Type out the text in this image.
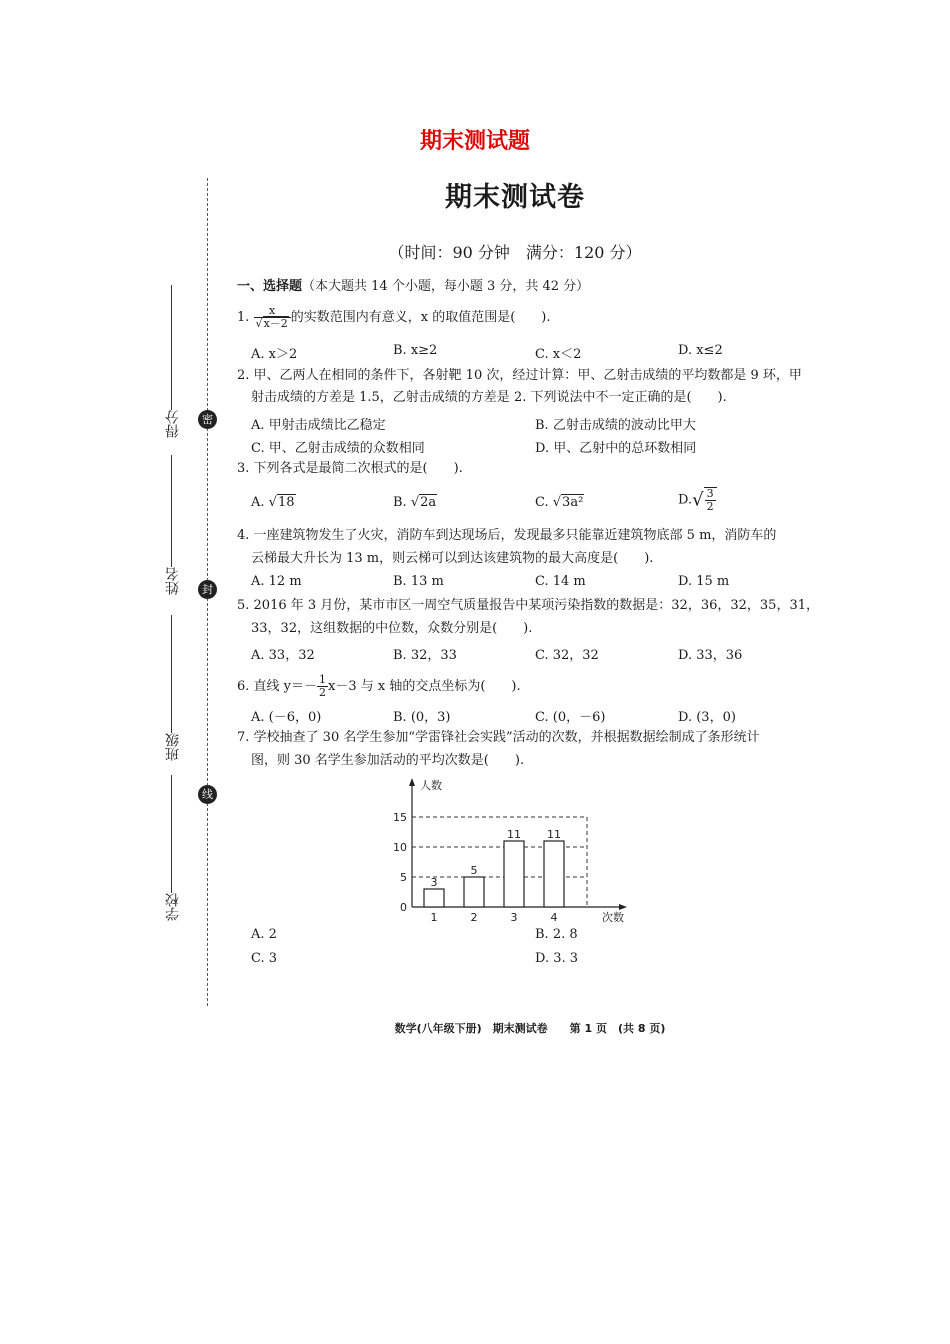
期末测试题
期末测试卷
（时间：90 分钟　满分：120 分）
密
封
线
得分
姓名
班级
学校
一、选择题（本大题共 14 个小题，每小题 3 分，共 42 分）
1. $\frac{x}{√x-2}$ 的实数范围内有意义，x 的取值范围是(　　).
A. x＞2	B. x≥2	C. x＜2	D. x≤2
2. 甲、乙两人在相同的条件下，各射靶 10 次，经过计算：甲、乙射击成绩的平均数都是 9 环，甲
射击成绩的方差是 1.5，乙射击成绩的方差是 2. 下列说法中不一定正确的是(　　).
A. 甲射击成绩比乙稳定	B. 乙射击成绩的波动比甲大
C. 甲、乙射击成绩的众数相同	D. 甲、乙射中的总环数相同
3. 下列各式是最简二次根式的是(　　).
A. √18	B. √2a	C. √3a²	$D.√ \frac{3}{2}$
4. 一座建筑物发生了火灾，消防车到达现场后，发现最多只能靠近建筑物底部 5 m，消防车的
云梯最大升长为 13 m，则云梯可以到达该建筑物的最大高度是(　　).
A. 12 m	B. 13 m	C. 14 m	D. 15 m
5. 2016 年 3 月份，某市市区一周空气质量报告中某项污染指数的数据是：32，36，32，35，31，
33，32，这组数据的中位数，众数分别是(　　).
A. 33，32	B. 32，33	C. 32，32	D. 33，36
6. 直线 $y=- \frac{1}{2} x-3$ 与 x 轴的交点坐标为(　　).
A. (－6，0)	B. (0，3)	C. (0，－6)	D. (3，0)
7. 学校抽查了 30 名学生参加“学雷锋社会实践”活动的次数，并根据数据绘制成了条形统计
图，则 30 名学生参加活动的平均次数是(　　).
人数
次数
0
5
10
15
3
1
5
2
11
3
11
4
A. 2	B. 2. 8
C. 3	D. 3. 3
数学(八年级下册)　期末测试卷　　第 1 页　(共 8 页)
